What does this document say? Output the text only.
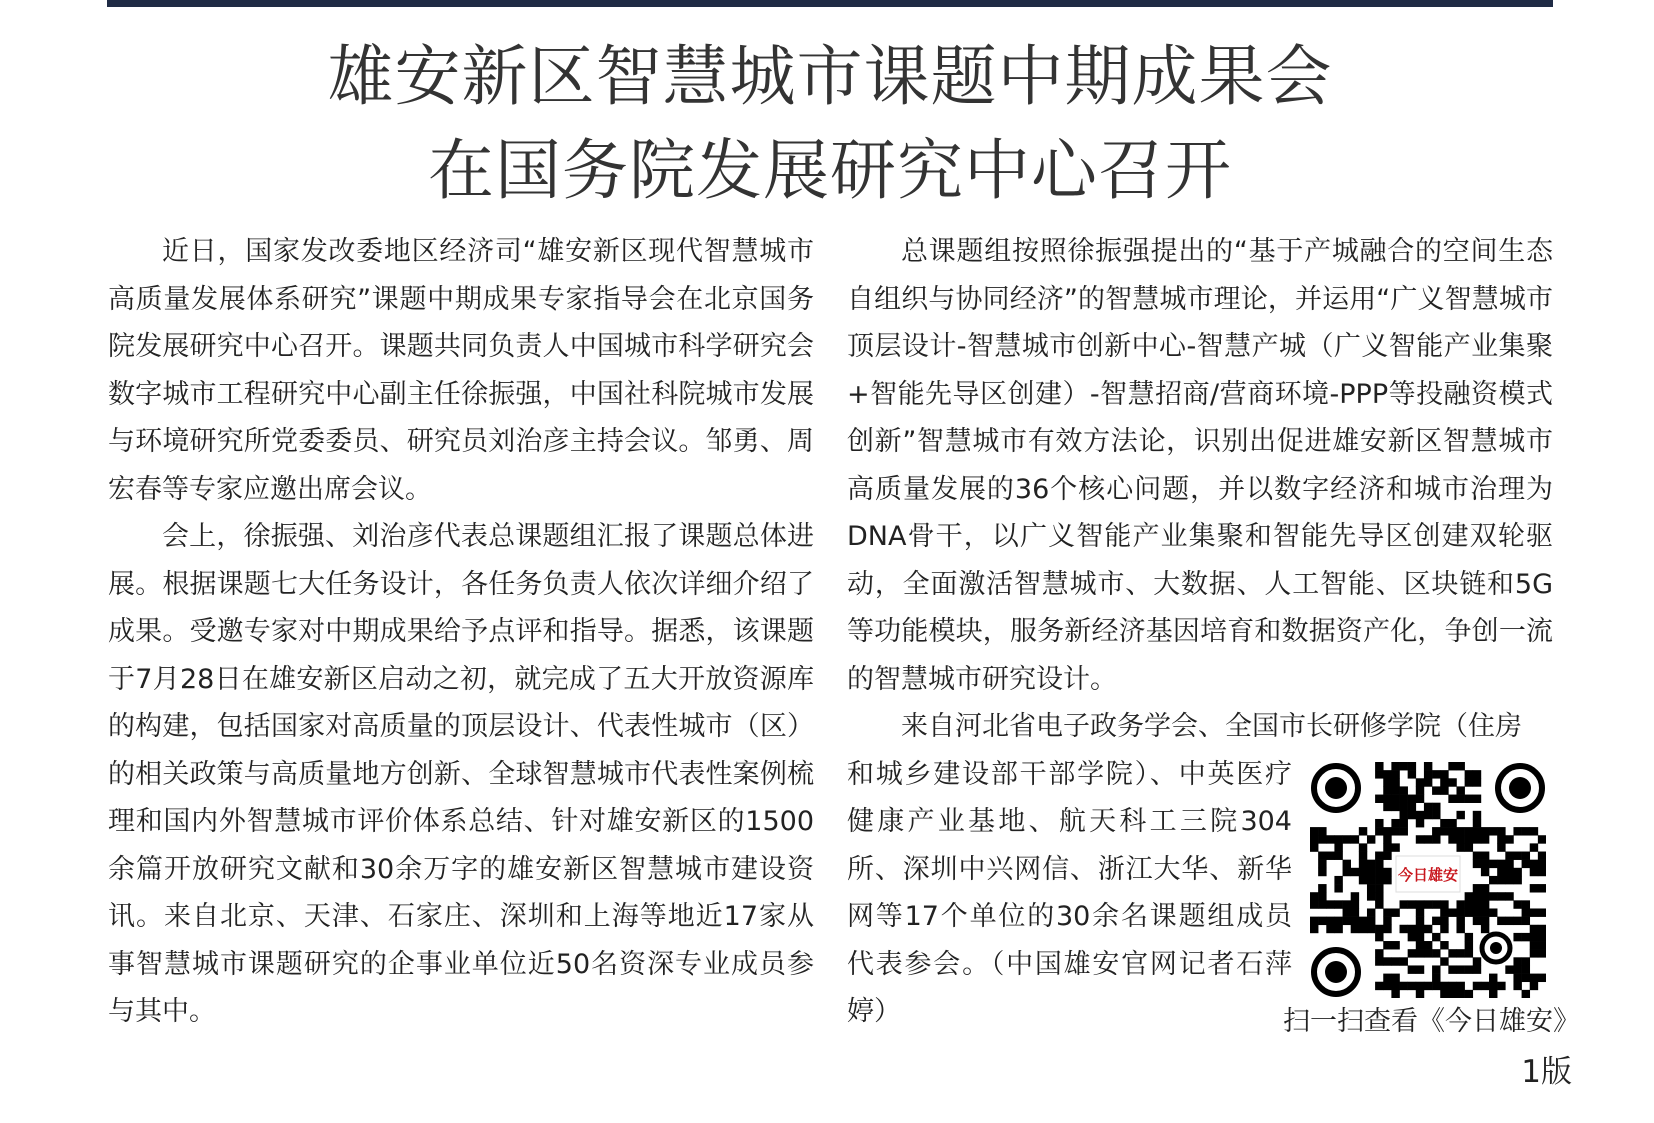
雄安新区智慧城市课题中期成果会
在国务院发展研究中心召开

近日，国家发改委地区经济司“雄安新区现代智慧城市高质量发展体系研究”课题中期成果专家指导会在北京国务院发展研究中心召开。课题共同负责人中国城市科学研究会数字城市工程研究中心副主任徐振强，中国社科院城市发展与环境研究所党委委员、研究员刘治彦主持会议。邹勇、周宏春等专家应邀出席会议。

会上，徐振强、刘治彦代表总课题组汇报了课题总体进展。根据课题七大任务设计，各任务负责人依次详细介绍了成果。受邀专家对中期成果给予点评和指导。据悉，该课题于7月28日在雄安新区启动之初，就完成了五大开放资源库的构建，包括国家对高质量的顶层设计、代表性城市（区）的相关政策与高质量地方创新、全球智慧城市代表性案例梳理和国内外智慧城市评价体系总结、针对雄安新区的1500余篇开放研究文献和30余万字的雄安新区智慧城市建设资讯。来自北京、天津、石家庄、深圳和上海等地近17家从事智慧城市课题研究的企事业单位近50名资深专业成员参与其中。

总课题组按照徐振强提出的“基于产城融合的空间生态自组织与协同经济”的智慧城市理论，并运用“广义智慧城市顶层设计-智慧城市创新中心-智慧产城（广义智能产业集聚+智能先导区创建）-智慧招商/营商环境-PPP等投融资模式创新”智慧城市有效方法论，识别出促进雄安新区智慧城市高质量发展的36个核心问题，并以数字经济和城市治理为DNA骨干，以广义智能产业集聚和智能先导区创建双轮驱动，全面激活智慧城市、大数据、人工智能、区块链和5G等功能模块，服务新经济基因培育和数据资产化，争创一流的智慧城市研究设计。

来自河北省电子政务学会、全国市长研修学院（住房
和城乡建设部干部学院）、中英医疗健康产业基地、航天科工三院304所、深圳中兴网信、浙江大华、新华网等17个单位的30余名课题组成员代表参会。（中国雄安官网记者石萍婷）

今日雄安
扫一扫查看《今日雄安》
1版
